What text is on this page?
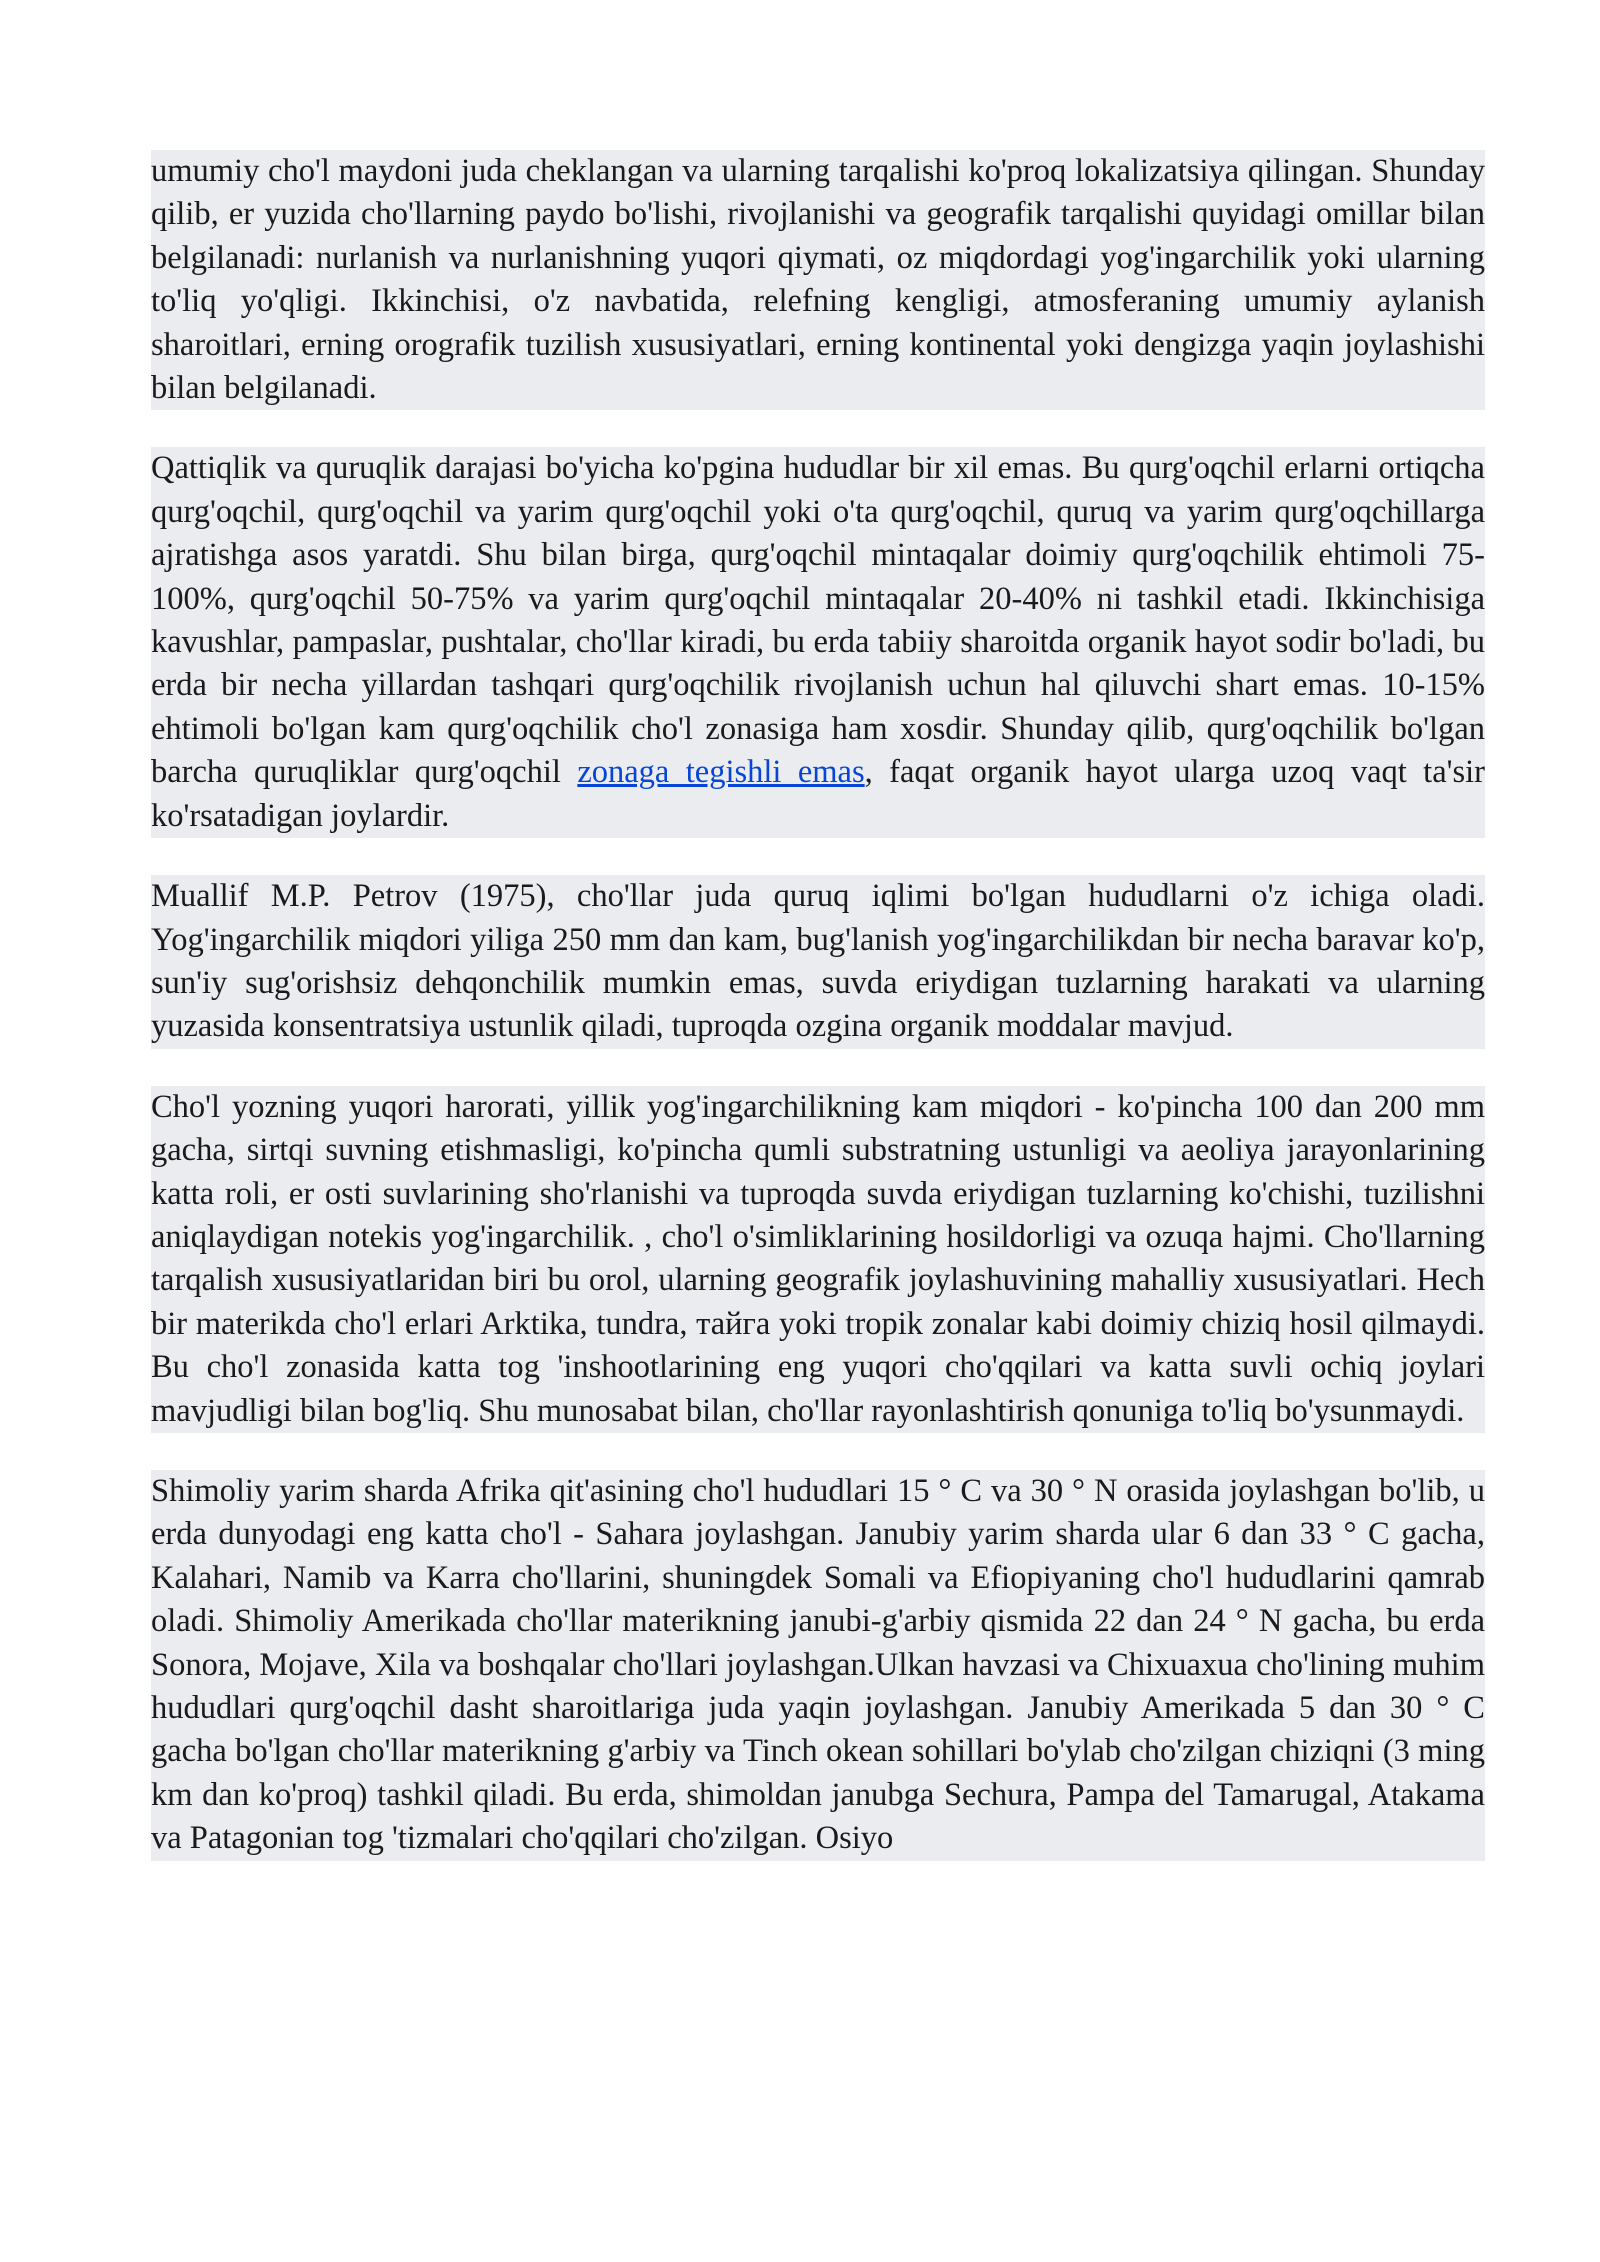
umumiy cho'l maydoni juda cheklangan va ularning tarqalishi ko'proq lokalizatsiya qilingan. Shunday qilib, er yuzida cho'llarning paydo bo'lishi, rivojlanishi va geografik tarqalishi quyidagi omillar bilan belgilanadi: nurlanish va nurlanishning yuqori qiymati, oz miqdordagi yog'ingarchilik yoki ularning to'liq yo'qligi. Ikkinchisi, o'z navbatida, relefning kengligi, atmosferaning umumiy aylanish sharoitlari, erning orografik tuzilish xususiyatlari, erning kontinental yoki dengizga yaqin joylashishi bilan belgilanadi.

Qattiqlik va quruqlik darajasi bo'yicha ko'pgina hududlar bir xil emas. Bu qurg'oqchil erlarni ortiqcha qurg'oqchil, qurg'oqchil va yarim qurg'oqchil yoki o'ta qurg'oqchil, quruq va yarim qurg'oqchillarga ajratishga asos yaratdi. Shu bilan birga, qurg'oqchil mintaqalar doimiy qurg'oqchilik ehtimoli 75-100%, qurg'oqchil 50-75% va yarim qurg'oqchil mintaqalar 20-40% ni tashkil etadi. Ikkinchisiga kavushlar, pampaslar, pushtalar, cho'llar kiradi, bu erda tabiiy sharoitda organik hayot sodir bo'ladi, bu erda bir necha yillardan tashqari qurg'oqchilik rivojlanish uchun hal qiluvchi shart emas. 10-15% ehtimoli bo'lgan kam qurg'oqchilik cho'l zonasiga ham xosdir. Shunday qilib, qurg'oqchilik bo'lgan barcha quruqliklar qurg'oqchil zonaga tegishli emas, faqat organik hayot ularga uzoq vaqt ta'sir ko'rsatadigan joylardir.

Muallif M.P. Petrov (1975), cho'llar juda quruq iqlimi bo'lgan hududlarni o'z ichiga oladi. Yog'ingarchilik miqdori yiliga 250 mm dan kam, bug'lanish yog'ingarchilikdan bir necha baravar ko'p, sun'iy sug'orishsiz dehqonchilik mumkin emas, suvda eriydigan tuzlarning harakati va ularning yuzasida konsentratsiya ustunlik qiladi, tuproqda ozgina organik moddalar mavjud.

Cho'l yozning yuqori harorati, yillik yog'ingarchilikning kam miqdori - ko'pincha 100 dan 200 mm gacha, sirtqi suvning etishmasligi, ko'pincha qumli substratning ustunligi va aeoliya jarayonlarining katta roli, er osti suvlarining sho'rlanishi va tuproqda suvda eriydigan tuzlarning ko'chishi, tuzilishni aniqlaydigan notekis yog'ingarchilik. , cho'l o'simliklarining hosildorligi va ozuqa hajmi. Cho'llarning tarqalish xususiyatlaridan biri bu orol, ularning geografik joylashuvining mahalliy xususiyatlari. Hech bir materikda cho'l erlari Arktika, tundra, тайга yoki tropik zonalar kabi doimiy chiziq hosil qilmaydi. Bu cho'l zonasida katta tog 'inshootlarining eng yuqori cho'qqilari va katta suvli ochiq joylari mavjudligi bilan bog'liq. Shu munosabat bilan, cho'llar rayonlashtirish qonuniga to'liq bo'ysunmaydi.

Shimoliy yarim sharda Afrika qit'asining cho'l hududlari 15 ° C va 30 ° N orasida joylashgan bo'lib, u erda dunyodagi eng katta cho'l - Sahara joylashgan. Janubiy yarim sharda ular 6 dan 33 ° C gacha, Kalahari, Namib va Karra cho'llarini, shuningdek Somali va Efiopiyaning cho'l hududlarini qamrab oladi. Shimoliy Amerikada cho'llar materikning janubi-g'arbiy qismida 22 dan 24 ° N gacha, bu erda Sonora, Mojave, Xila va boshqalar cho'llari joylashgan.Ulkan havzasi va Chixuaxua cho'lining muhim hududlari qurg'oqchil dasht sharoitlariga juda yaqin joylashgan. Janubiy Amerikada 5 dan 30 ° C gacha bo'lgan cho'llar materikning g'arbiy va Tinch okean sohillari bo'ylab cho'zilgan chiziqni (3 ming km dan ko'proq) tashkil qiladi. Bu erda, shimoldan janubga Sechura, Pampa del Tamarugal, Atakama va Patagonian tog 'tizmalari cho'qqilari cho'zilgan. Osiyo
